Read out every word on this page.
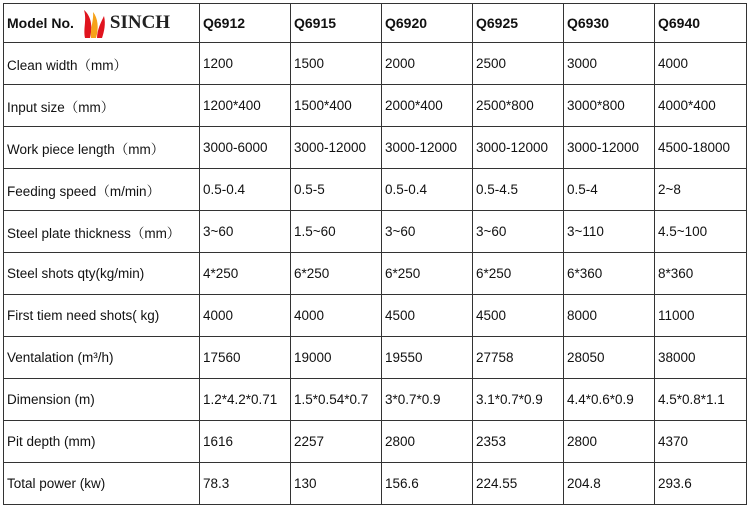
Model No. SINCH	Q6912	Q6915	Q6920	Q6925	Q6930	Q6940
Clean width（mm）	1200	1500	2000	2500	3000	4000
Input size（mm）	1200*400	1500*400	2000*400	2500*800	3000*800	4000*400
Work piece length（mm）	3000-6000	3000-12000	3000-12000	3000-12000	3000-12000	4500-18000
Feeding speed（m/min）	0.5-0.4	0.5-5	0.5-0.4	0.5-4.5	0.5-4	2~8
Steel plate thickness（mm）	3~60	1.5~60	3~60	3~60	3~110	4.5~100
Steel shots qty(kg/min)	4*250	6*250	6*250	6*250	6*360	8*360
First tiem need shots( kg)	4000	4000	4500	4500	8000	11000
Ventalation (m³/h)	17560	19000	19550	27758	28050	38000
Dimension (m)	1.2*4.2*0.71	1.5*0.54*0.7	3*0.7*0.9	3.1*0.7*0.9	4.4*0.6*0.9	4.5*0.8*1.1
Pit depth (mm)	1616	2257	2800	2353	2800	4370
Total power (kw)	78.3	130	156.6	224.55	204.8	293.6
